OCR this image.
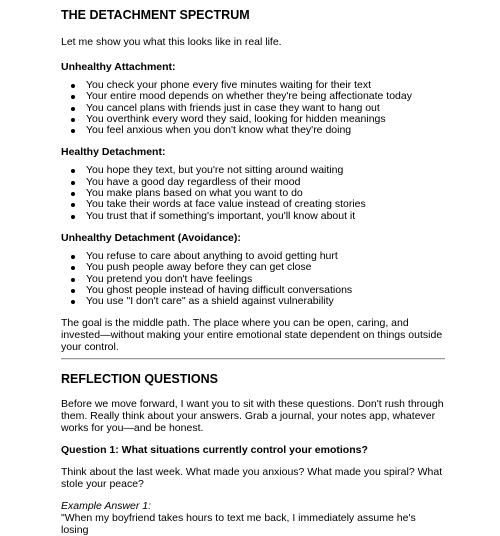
THE DETACHMENT SPECTRUM

Let me show you what this looks like in real life.

Unhealthy Attachment:

You check your phone every five minutes waiting for their text
Your entire mood depends on whether they're being affectionate today
You cancel plans with friends just in case they want to hang out
You overthink every word they said, looking for hidden meanings
You feel anxious when you don't know what they're doing

Healthy Detachment:

You hope they text, but you're not sitting around waiting
You have a good day regardless of their mood
You make plans based on what you want to do
You take their words at face value instead of creating stories
You trust that if something's important, you'll know about it

Unhealthy Detachment (Avoidance):

You refuse to care about anything to avoid getting hurt
You push people away before they can get close
You pretend you don't have feelings
You ghost people instead of having difficult conversations
You use "I don't care" as a shield against vulnerability

The goal is the middle path. The place where you can be open, caring, and invested—without making your entire emotional state dependent on things outside your control.

REFLECTION QUESTIONS

Before we move forward, I want you to sit with these questions. Don't rush through them. Really think about your answers. Grab a journal, your notes app, whatever works for you—and be honest.

Question 1: What situations currently control your emotions?

Think about the last week. What made you anxious? What made you spiral? What stole your peace?

Example Answer 1:

"When my boyfriend takes hours to text me back, I immediately assume he's losing
